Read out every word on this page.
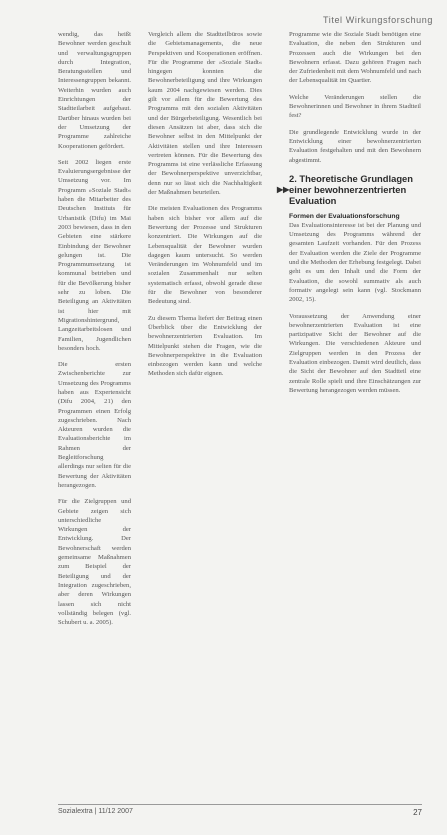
Titel Wirkungsforschung

wendig, das heißt Bewohner werden geschult und verwaltungsgruppen durch Integration, Beratungsstellen und Interessengruppen bekannt. Weiterhin wurden auch Einrichtungen der Stadtteilarbeit aufgebaut. Darüber hinaus wurden bei der Umsetzung der Programme zahlreiche Kooperationen gefördert.

Seit 2002 liegen erste Evaluierungsergebnisse der Umsetzung vor. Im Programm »Soziale Stadt« haben die Mitarbeiter des Deutschen Instituts für Urbanistik (Difu) im Mai 2003 bewiesen, dass in den Gebieten eine stärkere Einbindung der Bewohner gelungen ist. Die Programmumsetzung ist kommunal betrieben und für die Bevölkerung bisher sehr zu loben. Die Beteiligung an Aktivitäten ist hier mit Migrationshintergrund, Langzeitarbeitslosen und Familien, Jugendlichen besonders hoch.

Die ersten Zwischenberichte zur Umsetzung des Programms haben aus Expertensicht (Difu 2004, 21) den Programmen einen Erfolg zugeschrieben. Nach Akteuren wurden die Evaluationsberichte im Rahmen der Begleitforschung allerdings nur selten für die Bewertung der Aktivitäten herangezogen.

Für die Zielgruppen und Gebiete zeigen sich unterschiedliche Wirkungen der Entwicklung. Der Bewohnerschaft werden gemeinsame Maßnahmen zum Beispiel der Beteiligung und der Integration zugeschrieben, aber deren Wirkungen lassen sich nicht vollständig belegen (vgl. Schubert u. a. 2005).

Vergleich allem die Stadtteilbüros sowie die Gebietsmanagements, die neue Perspektiven und Kooperationen eröffnen. Für die Programme der »Soziale Stadt« hingegen konnten die Bewohnerbeteiligung und ihre Wirkungen kaum 2004 nachgewiesen werden. Dies gilt vor allem für die Bewertung des Programms mit den sozialen Aktivitäten und der Bürgerbeteiligung. Wesentlich bei diesen Ansätzen ist aber, dass sich die Bewohner selbst in den Mittelpunkt der Aktivitäten stellen und ihre Interessen vertreten können. Für die Bewertung des Programms ist eine verlässliche Erfassung der Bewohnerperspektive unverzichtbar, denn nur so lässt sich die Nachhaltigkeit der Maßnahmen beurteilen.

Die meisten Evaluationen des Programms haben sich bisher vor allem auf die Bewertung der Prozesse und Strukturen konzentriert. Die Wirkungen auf die Lebensqualität der Bewohner wurden dagegen kaum untersucht. So werden Veränderungen im Wohnumfeld und im sozialen Zusammenhalt nur selten systematisch erfasst, obwohl gerade diese für die Bewohner von besonderer Bedeutung sind.

Zu diesem Thema liefert der Beitrag einen Überblick über die Entwicklung der bewohnerzentrierten Evaluation. Im Mittelpunkt stehen die Fragen, wie die Bewohnerperspektive in die Evaluation einbezogen werden kann und welche Methoden sich dafür eignen.

Programme wie die Soziale Stadt benötigen eine Evaluation, die neben den Strukturen und Prozessen auch die Wirkungen bei den Bewohnern erfasst. Dazu gehören Fragen nach der Zufriedenheit mit dem Wohnumfeld und nach der Lebensqualität im Quartier.

Welche Veränderungen stellen die Bewohnerinnen und Bewohner in ihrem Stadtteil fest?

Die grundlegende Entwicklung wurde in der Entwicklung einer bewohnerzentrierten Evaluation festgehalten und mit den Bewohnern abgestimmt.

▶▶
2. Theoretische Grundlagen einer bewohnerzentrierten Evaluation
Formen der Evaluationsforschung

Das Evaluationsinteresse ist bei der Planung und Umsetzung des Programms während der gesamten Laufzeit vorhanden. Für den Prozess der Evaluation werden die Ziele der Programme und die Methoden der Erhebung festgelegt. Dabei geht es um den Inhalt und die Form der Evaluation, die sowohl summativ als auch formativ angelegt sein kann (vgl. Stockmann 2002, 15).

Voraussetzung der Anwendung einer bewohnerzentrierten Evaluation ist eine partizipative Sicht der Bewohner auf die Wirkungen. Die verschiedenen Akteure und Zielgruppen werden in den Prozess der Evaluation einbezogen. Damit wird deutlich, dass die Sicht der Bewohner auf den Stadtteil eine zentrale Rolle spielt und ihre Einschätzungen zur Bewertung herangezogen werden müssen.

Sozialextra | 11/12 2007	27
